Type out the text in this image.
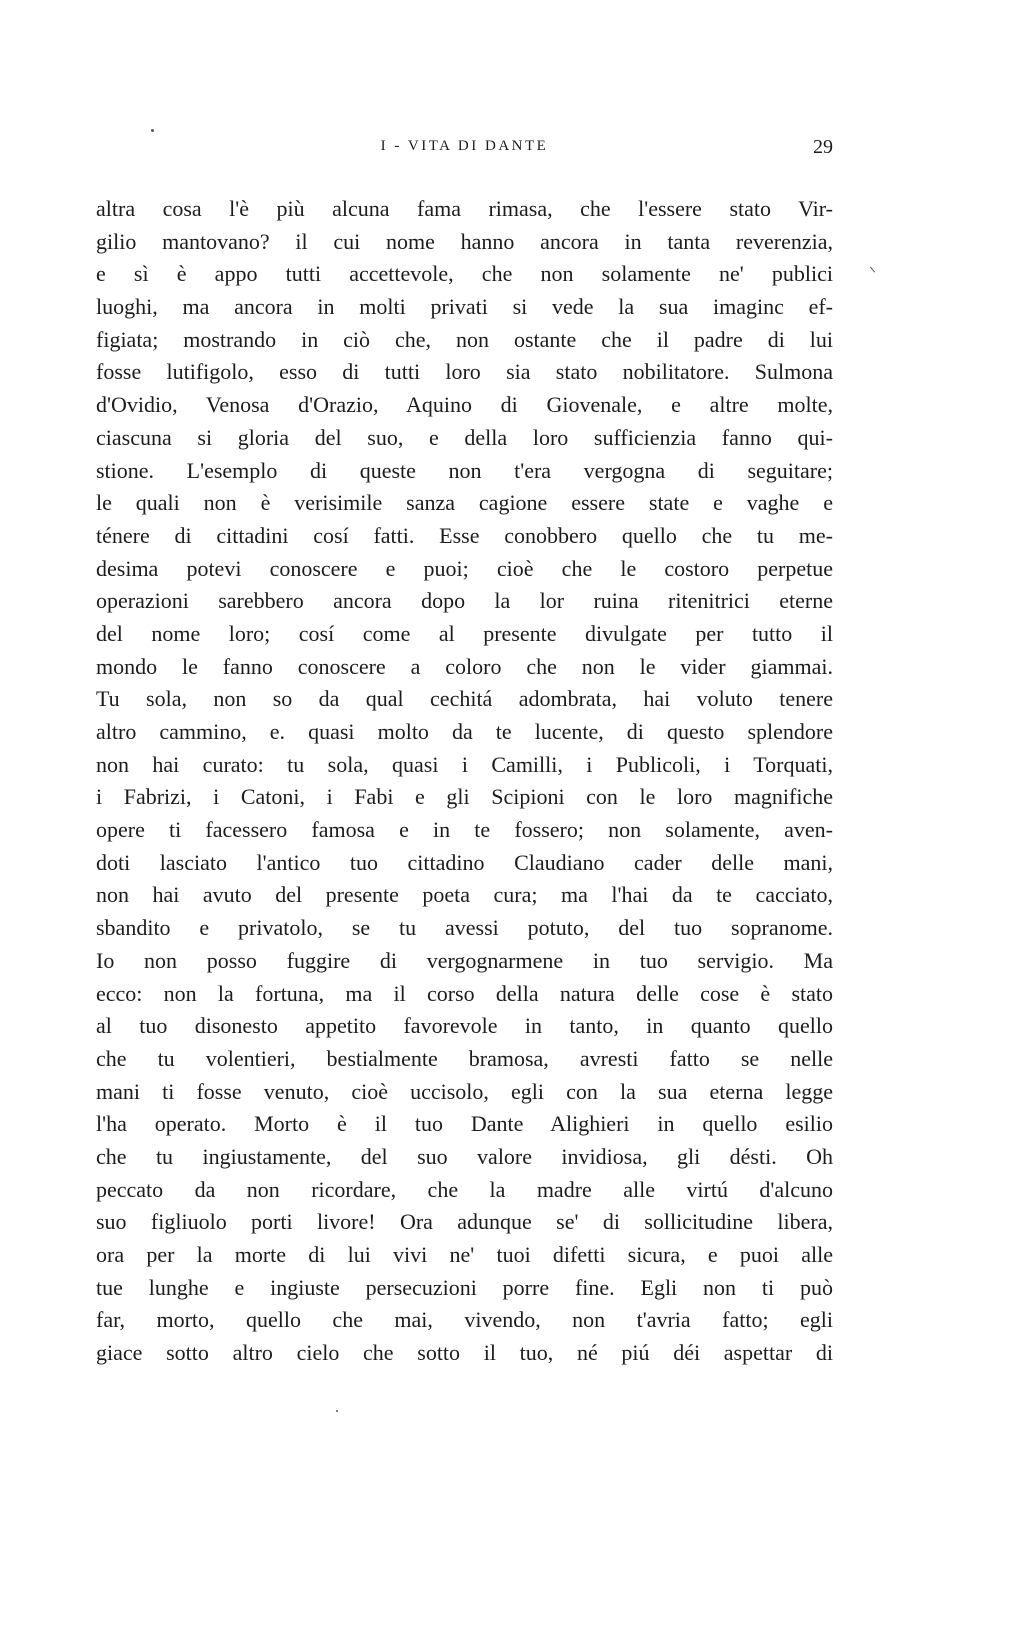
I - VITA DI DANTE	29
altra cosa l'è più alcuna fama rimasa, che l'essere stato Vir-
gilio mantovano? il cui nome hanno ancora in tanta reverenzia,
e sì è appo tutti accettevole, che non solamente ne' publici
luoghi, ma ancora in molti privati si vede la sua imaginc ef-
figiata; mostrando in ciò che, non ostante che il padre di lui
fosse lutifigolo, esso di tutti loro sia stato nobilitatore. Sulmona
d'Ovidio, Venosa d'Orazio, Aquino di Giovenale, e altre molte,
ciascuna si gloria del suo, e della loro sufficienzia fanno qui-
stione. L'esemplo di queste non t'era vergogna di seguitare;
le quali non è verisimile sanza cagione essere state e vaghe e
ténere di cittadini cosí fatti. Esse conobbero quello che tu me-
desima potevi conoscere e puoi; cioè che le costoro perpetue
operazioni sarebbero ancora dopo la lor ruina ritenitrici eterne
del nome loro; cosí come al presente divulgate per tutto il
mondo le fanno conoscere a coloro che non le vider giammai.
Tu sola, non so da qual cechitá adombrata, hai voluto tenere
altro cammino, e. quasi molto da te lucente, di questo splendore
non hai curato: tu sola, quasi i Camilli, i Publicoli, i Torquati,
i Fabrizi, i Catoni, i Fabi e gli Scipioni con le loro magnifiche
opere ti facessero famosa e in te fossero; non solamente, aven-
doti lasciato l'antico tuo cittadino Claudiano cader delle mani,
non hai avuto del presente poeta cura; ma l'hai da te cacciato,
sbandito e privatolo, se tu avessi potuto, del tuo sopranome.
Io non posso fuggire di vergognarmene in tuo servigio. Ma
ecco: non la fortuna, ma il corso della natura delle cose è stato
al tuo disonesto appetito favorevole in tanto, in quanto quello
che tu volentieri, bestialmente bramosa, avresti fatto se nelle
mani ti fosse venuto, cioè uccisolo, egli con la sua eterna legge
l'ha operato. Morto è il tuo Dante Alighieri in quello esilio
che tu ingiustamente, del suo valore invidiosa, gli désti. Oh
peccato da non ricordare, che la madre alle virtú d'alcuno
suo figliuolo porti livore! Ora adunque se' di sollicitudine libera,
ora per la morte di lui vivi ne' tuoi difetti sicura, e puoi alle
tue lunghe e ingiuste persecuzioni porre fine. Egli non ti può
far, morto, quello che mai, vivendo, non t'avria fatto; egli
giace sotto altro cielo che sotto il tuo, né piú déi aspettar di
